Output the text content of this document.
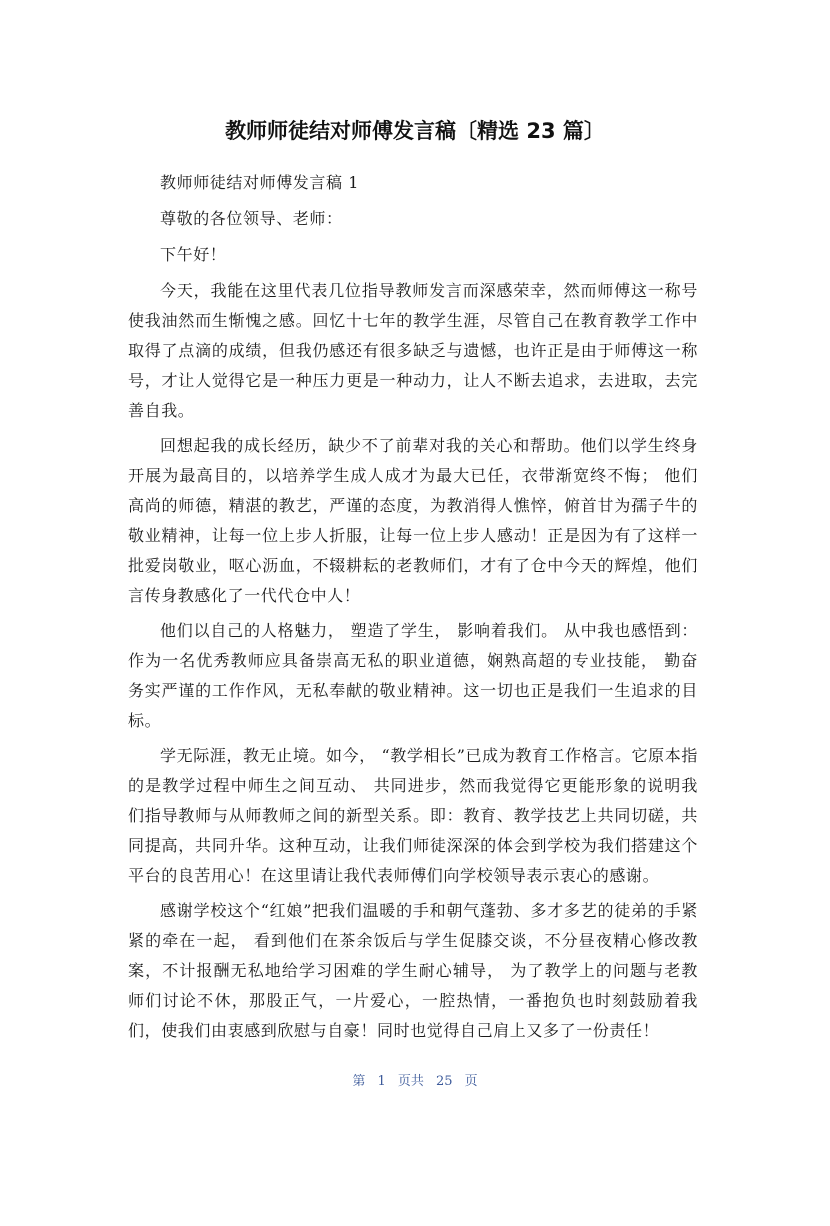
教师师徒结对师傅发言稿〔精选 23 篇〕

教师师徒结对师傅发言稿 1

尊敬的各位领导、老师：

下午好！

今天，我能在这里代表几位指导教师发言而深感荣幸，然而师傅这一称号使我油然而生惭愧之感。回忆十七年的教学生涯，尽管自己在教育教学工作中取得了点滴的成绩，但我仍感还有很多缺乏与遗憾，也许正是由于师傅这一称号，才让人觉得它是一种压力更是一种动力，让人不断去追求，去进取，去完善自我。

回想起我的成长经历，缺少不了前辈对我的关心和帮助。他们以学生终身开展为最高目的，以培养学生成人成才为最大已任，衣带渐宽终不悔； 他们高尚的师德，精湛的教艺，严谨的态度，为教消得人憔悴，俯首甘为孺子牛的敬业精神，让每一位上步人折服，让每一位上步人感动！正是因为有了这样一批爱岗敬业，呕心沥血，不辍耕耘的老教师们，才有了仓中今天的辉煌，他们言传身教感化了一代代仓中人！

他们以自己的人格魅力， 塑造了学生， 影响着我们。 从中我也感悟到：作为一名优秀教师应具备崇高无私的职业道德，娴熟高超的专业技能， 勤奋务实严谨的工作作风，无私奉献的敬业精神。这一切也正是我们一生追求的目标。

学无际涯，教无止境。如今， “教学相长”已成为教育工作格言。它原本指的是教学过程中师生之间互动、 共同进步，然而我觉得它更能形象的说明我们指导教师与从师教师之间的新型关系。即：教育、教学技艺上共同切磋，共同提高，共同升华。这种互动，让我们师徒深深的体会到学校为我们搭建这个平台的良苦用心！在这里请让我代表师傅们向学校领导表示衷心的感谢。

感谢学校这个“红娘”把我们温暖的手和朝气蓬勃、多才多艺的徒弟的手紧紧的牵在一起， 看到他们在茶余饭后与学生促膝交谈，不分昼夜精心修改教案，不计报酬无私地给学习困难的学生耐心辅导， 为了教学上的问题与老教师们讨论不休，那股正气，一片爱心，一腔热情，一番抱负也时刻鼓励着我们，使我们由衷感到欣慰与自豪！同时也觉得自己肩上又多了一份责任！

第 1 页共 25 页
